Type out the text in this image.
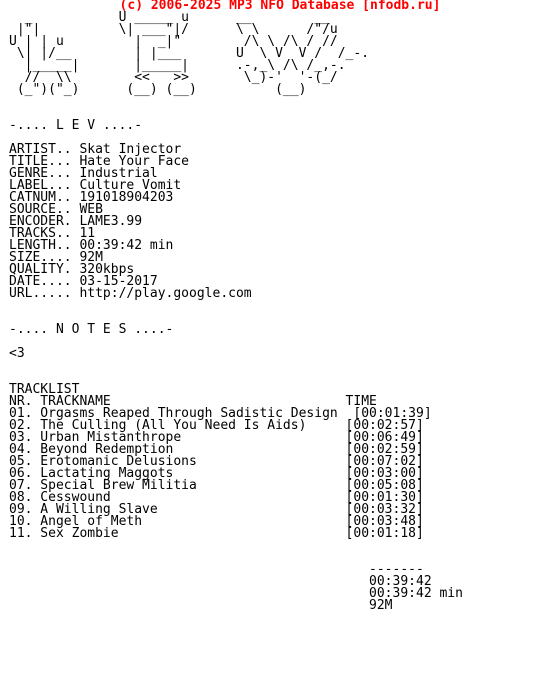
(c) 2006-2025 MP3 NFO Database [nfodb.ru]
_           U _____ u      __        __
|"|          \| ___"|/      \ \      /"/u
U | | u         |  _|"        /\ \ /\ / //
\| |/__        | |___       U  \ V  V /  /_-.
|_____|       |_____|      .-,_\ /\ /_,-.
//  \\        <<   >>       \_)-'  '-(_/
(_")("_)      (__) (__)          (__)
-.... L E V ....-
ARTIST.. Skat Injector
TITLE... Hate Your Face
GENRE... Industrial
LABEL... Culture Vomit
CATNUM.. 191018904203
SOURCE.. WEB
ENCODER. LAME3.99
TRACKS.. 11
LENGTH.. 00:39:42 min
SIZE.... 92M
QUALITY. 320kbps
DATE.... 03-15-2017
URL..... http://play.google.com
-.... N O T E S ....-
<3
TRACKLIST
NR. TRACKNAME                              TIME
01. Orgasms Reaped Through Sadistic Design  [00:01:39]
02. The Culling (All You Need Is Aids)     [00:02:57]
03. Urban Mistanthrope                     [00:06:49]
04. Beyond Redemption                      [00:02:59]
05. Erotomanic Delusions                   [00:07:02]
06. Lactating Maggots                      [00:03:00]
07. Special Brew Militia                   [00:05:08]
08. Cesswound                              [00:01:30]
09. A Willing Slave                        [00:03:32]
10. Angel of Meth                          [00:03:48]
11. Sex Zombie                             [00:01:18]
-------
00:39:42
00:39:42 min
92M
